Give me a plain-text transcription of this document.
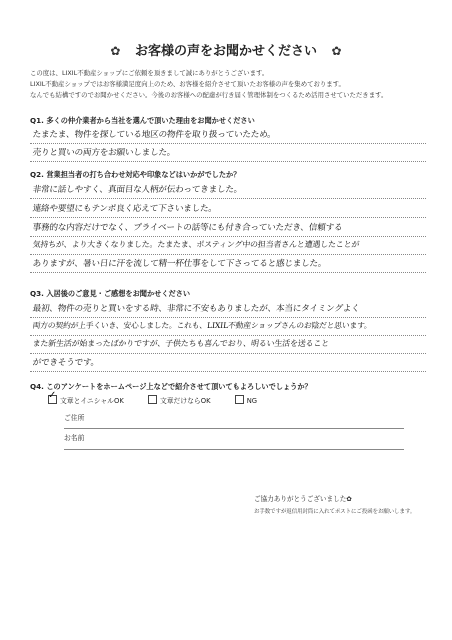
✿ お客様の声をお聞かせください ✿
この度は、LIXIL不動産ショップにご依頼を頂きまして誠にありがとうございます。
LIXIL不動産ショップではお客様満足度向上のため、お客様を紹介させて頂いたお客様の声を集めております。
なんでも結構ですのでお聞かせください。今後のお客様への配慮が行き届く管理体制をつくるため活用させていただきます。
Q1. 多くの仲介業者から当社を選んで頂いた理由をお聞かせください
たまたま、物件を探している地区の物件を取り扱っていたため。
売りと買いの両方をお願いしました。
Q2. 営業担当者の打ち合わせ対応や印象などはいかがでしたか？
非常に話しやすく、真面目な人柄が伝わってきました。
連絡や要望にもテンポ良く応えて下さいました。
事務的な内容だけでなく、プライベートの話等にも付き合っていただき、信頼する
気持ちが、より大きくなりました。たまたま、ポスティング中の担当者さんと遭遇したことが
ありますが、暑い日に汗を流して精一杯仕事をして下さってると感じました。
Q3. 入居後のご意見・ご感想をお聞かせください
最初、物件の売りと買いをする時、非常に不安もありましたが、本当にタイミングよく
両方の契約が上手くいき、安心しました。これも、LIXIL不動産ショップさんのお陰だと思います。
また新生活が始まったばかりですが、子供たちも喜んでおり、明るい生活を送ること
ができそうです。
Q4. このアンケートをホームページ上などで紹介させて頂いてもよろしいでしょうか？
✓ 文章とイニシャルOK	文章だけならOK	NG
ご住所
お名前
ご協力ありがとうございました✿
お手数ですが返信用封筒に入れてポストにご投函をお願いします。
